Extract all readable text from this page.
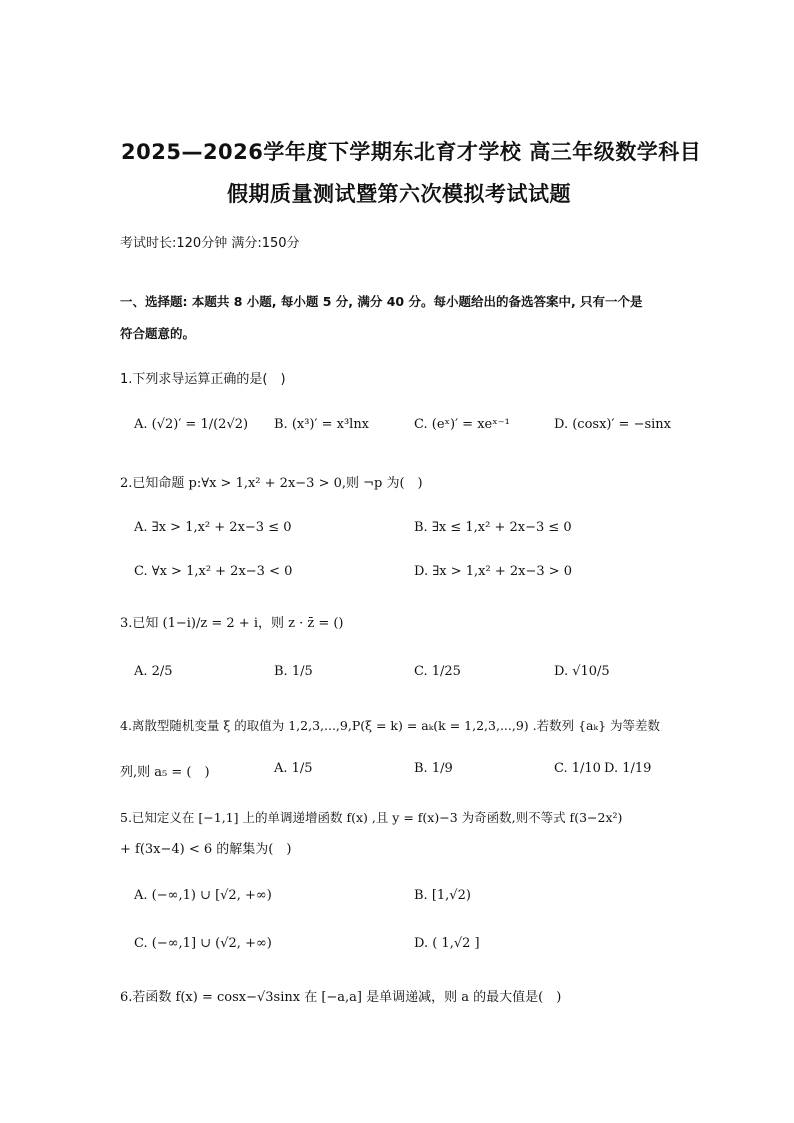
2025—2026学年度下学期东北育才学校 高三年级数学科目
假期质量测试暨第六次模拟考试试题
考试时长:120分钟 满分:150分
一、选择题: 本题共 8 小题, 每小题 5 分, 满分 40 分。每小题给出的备选答案中, 只有一个是
符合题意的。
1.下列求导运算正确的是(　)
A. (√2)′ = 1/(2√2) B. (x³)′ = x³lnx	C. (eˣ)′ = xeˣ⁻¹	D. (cosx)′ = −sinx
2.已知命题 p:∀x > 1,x² + 2x−3 > 0,则 ¬p 为(　)
A. ∃x > 1,x² + 2x−3 ≤ 0	B. ∃x ≤ 1,x² + 2x−3 ≤ 0
C. ∀x > 1,x² + 2x−3 < 0	D. ∃x > 1,x² + 2x−3 > 0
3.已知 (1−i)/z = 2 + i，则 z · z̄ = ()
A. 2/5	B. 1/5	C. 1/25	D. √10/5
4.离散型随机变量 ξ 的取值为 1,2,3,...,9,P(ξ = k) = aₖ(k = 1,2,3,...,9) .若数列 {aₖ} 为等差数
列,则 a₅ = (　)	A. 1/5	B. 1/9	C. 1/10 D. 1/19
5.已知定义在 [−1,1] 上的单调递增函数 f(x) ,且 y = f(x)−3 为奇函数,则不等式 f(3−2x²)
+ f(3x−4) < 6 的解集为(　)
A. (−∞,1) ∪ [√2, +∞)	B. [1,√2)
C. (−∞,1] ∪ (√2, +∞)	D. ( 1,√2 ]
6.若函数 f(x) = cosx−√3sinx 在 [−a,a] 是单调递减，则 a 的最大值是(　)
